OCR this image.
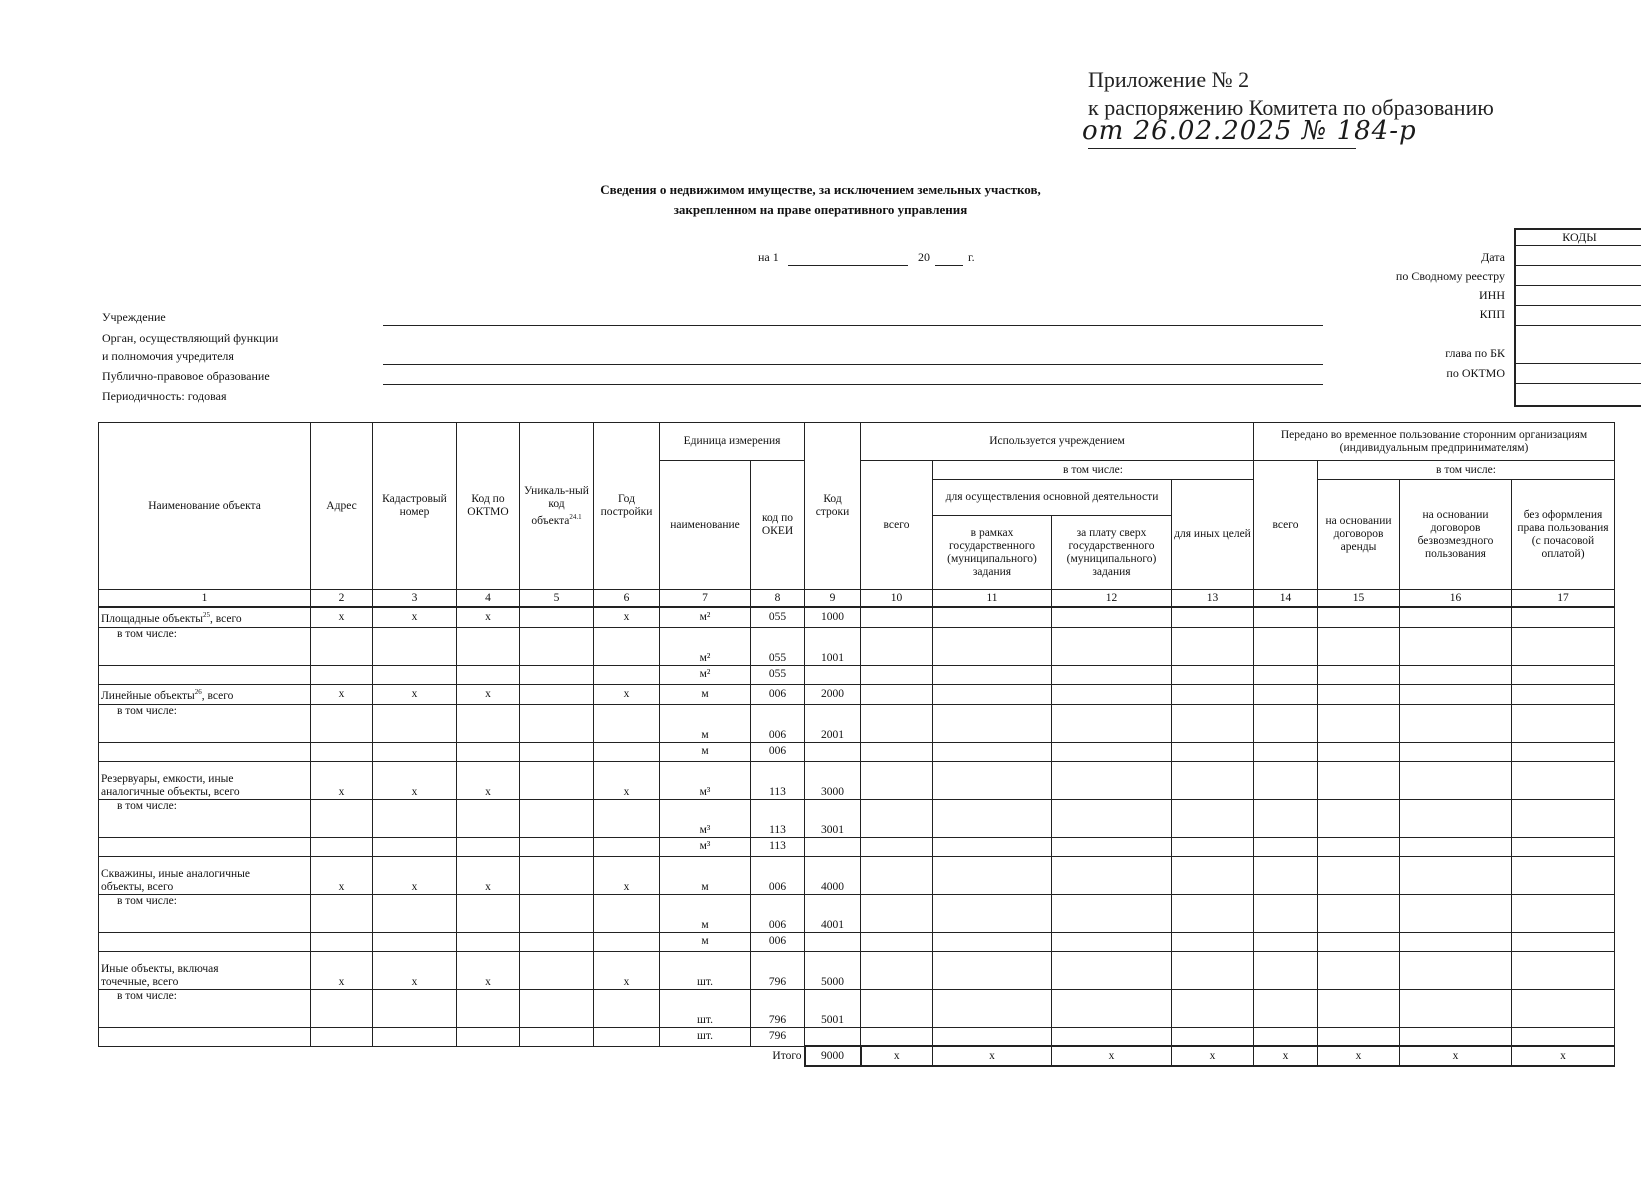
Приложение № 2
к распоряжению Комитета по образованию
от 26.02.2025 № 184-р
Сведения о недвижимом имуществе, за исключением земельных участков,
закрепленном на праве оперативного управления
на 1	20	г.
КОДЫ
Дата
по Сводному реестру
ИНН
КПП
глава по БК
по ОКТМО
Учреждение
Орган, осуществляющий функции
и полномочия учредителя
Публично-правовое образование
Периодичность: годовая
Наименование объекта	Адрес	Кадастровый номер	Код по ОКТМО	Уникаль-ный код объекта$^{24.1}$	Год постройки	Единица измерения		Код строки	Используется учреждением				Передано во временное пользование сторонним организациям (индивидуальным предпринимателям)			
						наименование	код по ОКЕИ		всего	в том числе:			всего	в том числе:		
										для осуществления основной деятельности		для иных целей		на основании договоров аренды	на основании договоров безвозмездного пользования	без оформления права пользования (с почасовой оплатой)
										в рамках государственного (муниципального) задания	за плату сверх государственного (муниципального) задания					
1	2	3	4	5	6	7	8	9	10	11	12	13	14	15	16	17
Площадные объекты$^{25}$, всего	х	х	х		х	м²	055	1000								
в том числе:						м²	055	1001								
						м²	055									
Линейные объекты$^{26}$, всего	х	х	х		х	м	006	2000								
в том числе:						м	006	2001								
						м	006									

Резервуары, емкости, иные
аналогичные объекты, всего	х	х	х		х	м³	113	3000								
в том числе:						м³	113	3001								
						м³	113									

Скважины, иные аналогичные
объекты, всего	х	х	х		х	м	006	4000								
в том числе:						м	006	4001								
						м	006									

Иные объекты, включая
точечные, всего	х	х	х		х	шт.	796	5000								
в том числе:						шт.	796	5001								
						шт.	796									
							Итого	9000	х	х	х	х	х	х	х	х
